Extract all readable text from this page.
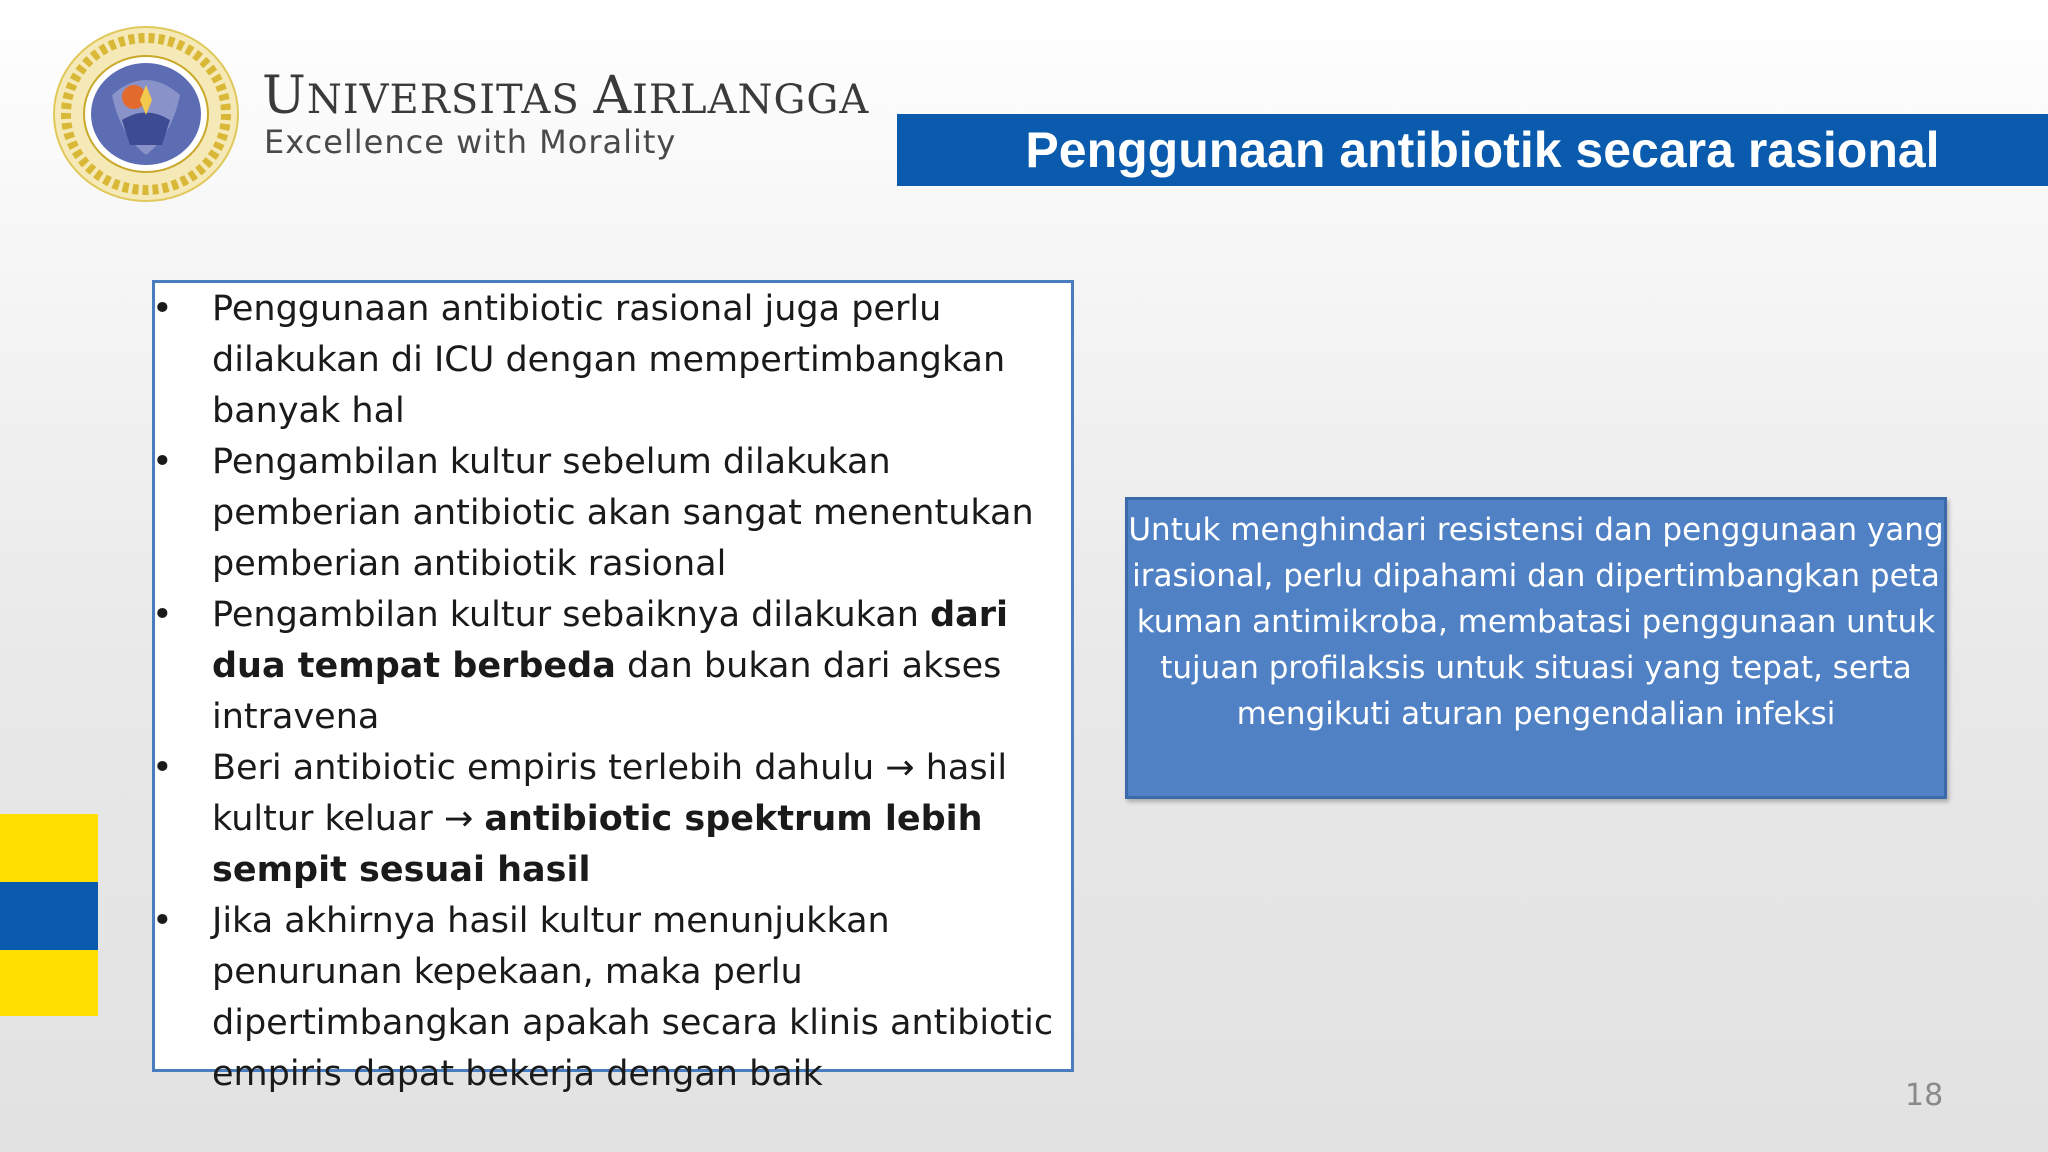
UNIVERSITAS AIRLANGGA
Excellence with Morality	Penggunaan antibiotik secara rasional
• Penggunaan antibiotic rasional juga perlu dilakukan di ICU dengan mempertimbangkan banyak hal
• Pengambilan kultur sebelum dilakukan pemberian antibiotic akan sangat menentukan pemberian antibiotik rasional
• Pengambilan kultur sebaiknya dilakukan dari dua tempat berbeda dan bukan dari akses intravena
• Beri antibiotic empiris terlebih dahulu → hasil kultur keluar → antibiotic spektrum lebih sempit sesuai hasil
• Jika akhirnya hasil kultur menunjukkan penurunan kepekaan, maka perlu dipertimbangkan apakah secara klinis antibiotic empiris dapat bekerja dengan baik
Untuk menghindari resistensi dan penggunaan yang irasional, perlu dipahami dan dipertimbangkan peta kuman antimikroba, membatasi penggunaan untuk tujuan profilaksis untuk situasi yang tepat, serta mengikuti aturan pengendalian infeksi
18
